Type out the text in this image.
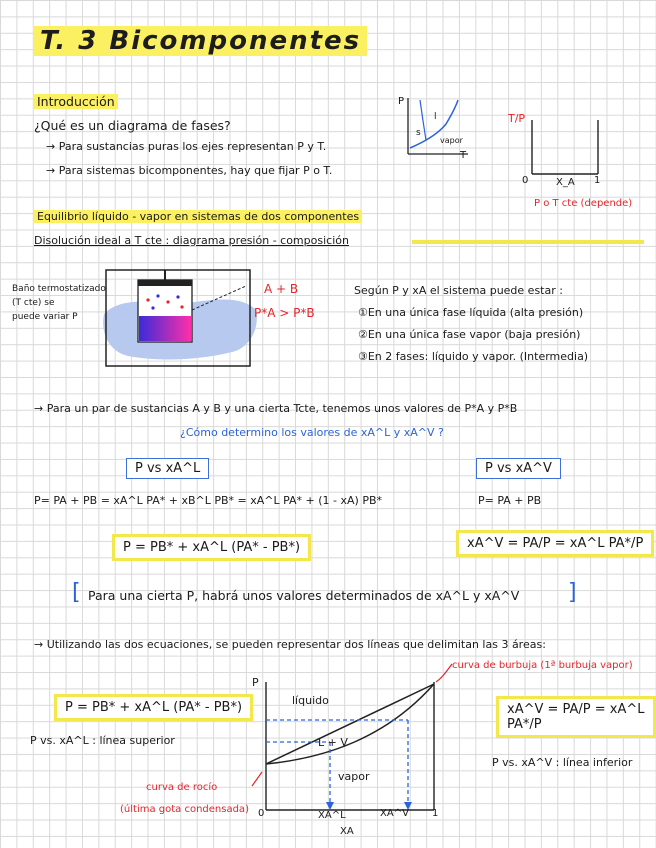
T. 3 Bicomponentes
Introducción
¿Qué es un diagrama de fases?
→ Para sustancias puras los ejes representan P y T.
→ Para sistemas bicomponentes, hay que fijar P o T.
P
T
s
l
vapor
T/P
0	X_A 1
P o T cte (depende)
Equilibrio líquido - vapor en sistemas de dos componentes
Disolución ideal a T cte : diagrama presión - composición
Baño termostatizado
(T cte) se
puede variar P
A + B
P*A > P*B
Según P y xA el sistema puede estar :
①En una única fase líquida (alta presión)
②En una única fase vapor (baja presión)
③En 2 fases: líquido y vapor. (Intermedia)
→ Para un par de sustancias A y B y una cierta Tcte, tenemos unos valores de P*A y P*B
¿Cómo determino los valores de xA^L y xA^V ?
P vs xA^L	P vs xA^V
P= PA + PB = xA^L PA* + xB^L PB* = xA^L PA* + (1 - xA) PB*	P= PA + PB
P = PB* + xA^L (PA* - PB*)	xA^V = PA/P = xA^L PA*/P
[ Para una cierta P, habrá unos valores determinados de xA^L y xA^V ]
→ Utilizando las dos ecuaciones, se pueden representar dos líneas que delimitan las 3 áreas:
curva de burbuja (1ª burbuja vapor)
P = PB* + xA^L (PA* - PB*)
P vs. xA^L : línea superior
curva de rocío
(última gota condensada)
xA^V = PA/P = xA^L PA*/P
P vs. xA^V : línea inferior
P
líquido
L + V
vapor
0	XA^L	XA^V 1
XA
